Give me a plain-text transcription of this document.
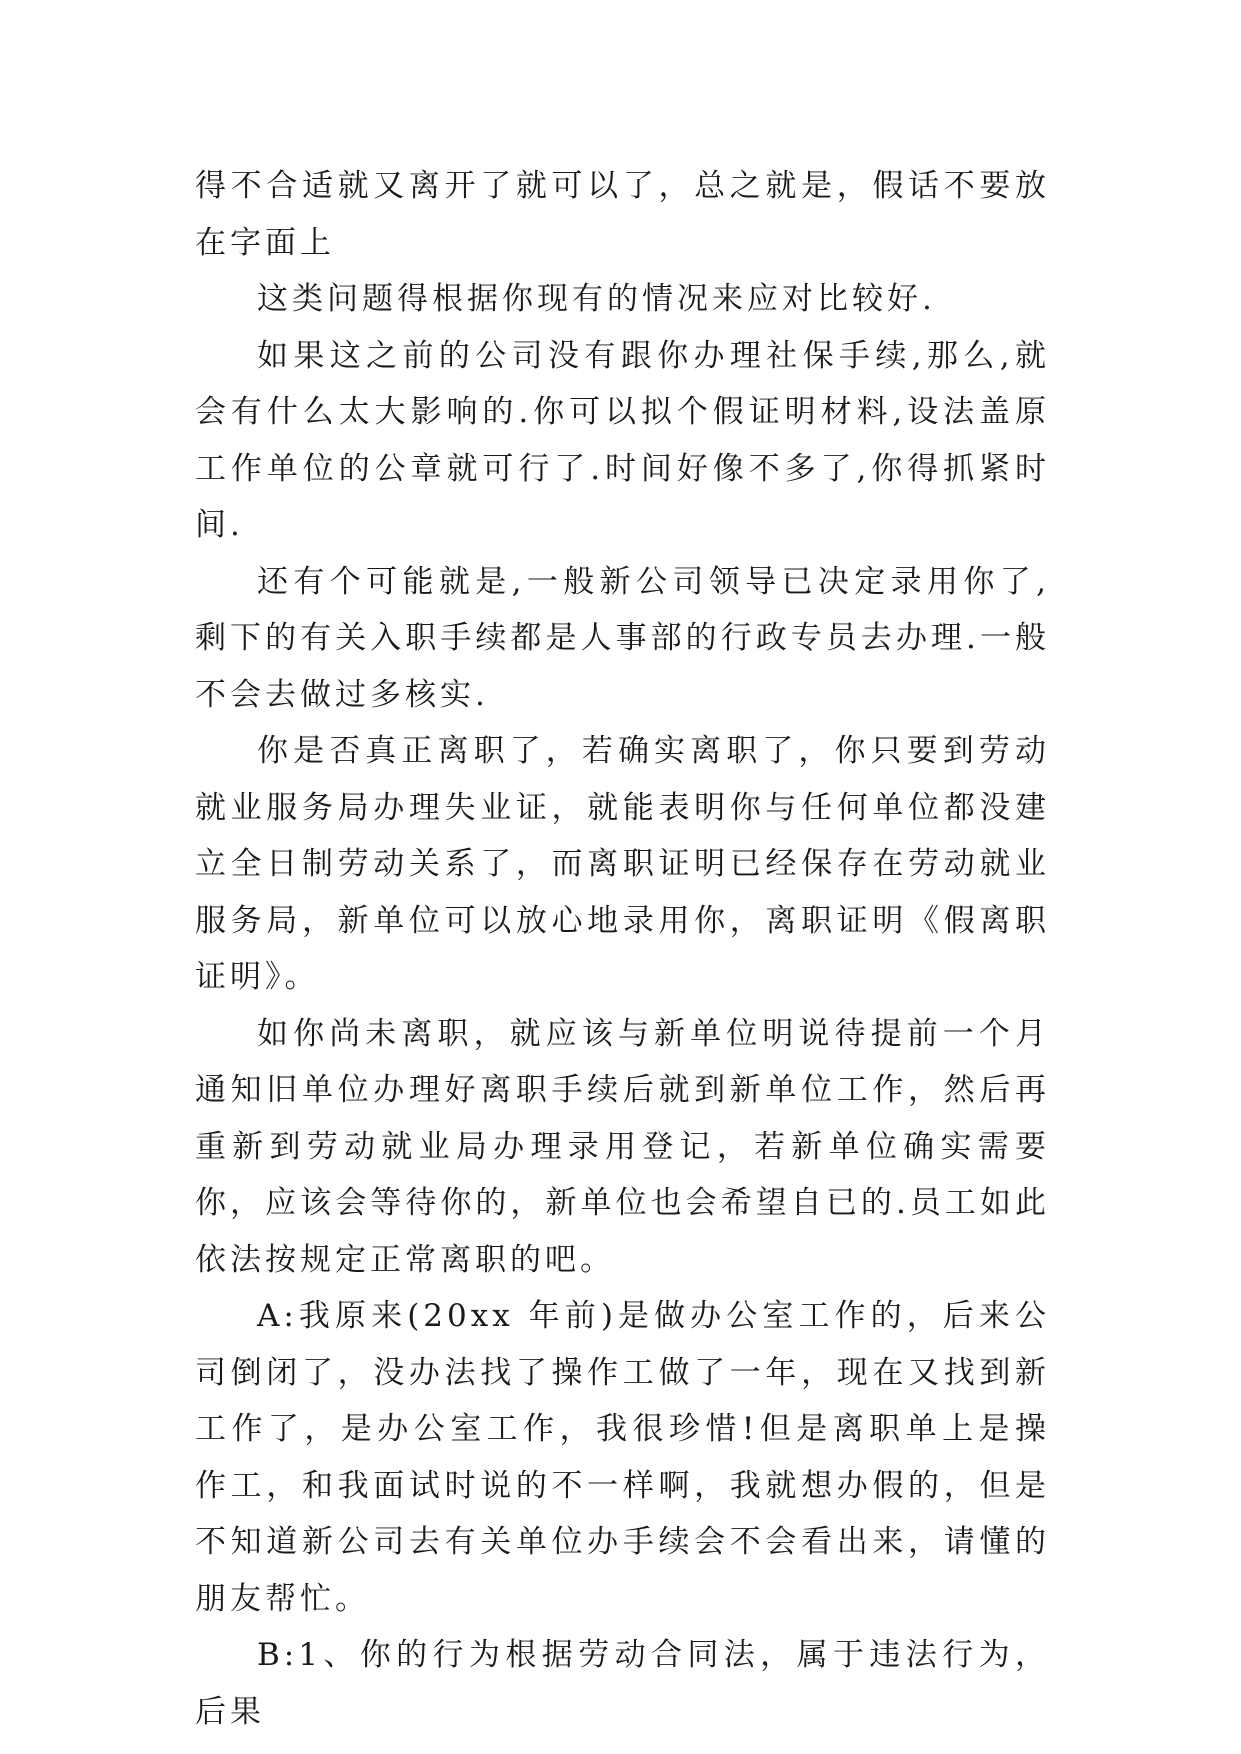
得不合适就又离开了就可以了，总之就是，假话不要放在字面上

这类问题得根据你现有的情况来应对比较好.

如果这之前的公司没有跟你办理社保手续,那么,就会有什么太大影响的.你可以拟个假证明材料,设法盖原工作单位的公章就可行了.时间好像不多了,你得抓紧时间.

还有个可能就是,一般新公司领导已决定录用你了,剩下的有关入职手续都是人事部的行政专员去办理.一般不会去做过多核实.

你是否真正离职了，若确实离职了，你只要到劳动就业服务局办理失业证，就能表明你与任何单位都没建立全日制劳动关系了，而离职证明已经保存在劳动就业服务局，新单位可以放心地录用你，离职证明《假离职证明》。

如你尚未离职，就应该与新单位明说待提前一个月通知旧单位办理好离职手续后就到新单位工作，然后再重新到劳动就业局办理录用登记，若新单位确实需要你，应该会等待你的，新单位也会希望自已的.员工如此依法按规定正常离职的吧。

A:我原来(20xx 年前)是做办公室工作的，后来公司倒闭了，没办法找了操作工做了一年，现在又找到新工作了，是办公室工作，我很珍惜!但是离职单上是操作工，和我面试时说的不一样啊，我就想办假的，但是不知道新公司去有关单位办手续会不会看出来，请懂的朋友帮忙。

B:1、你的行为根据劳动合同法，属于违法行为，后果
